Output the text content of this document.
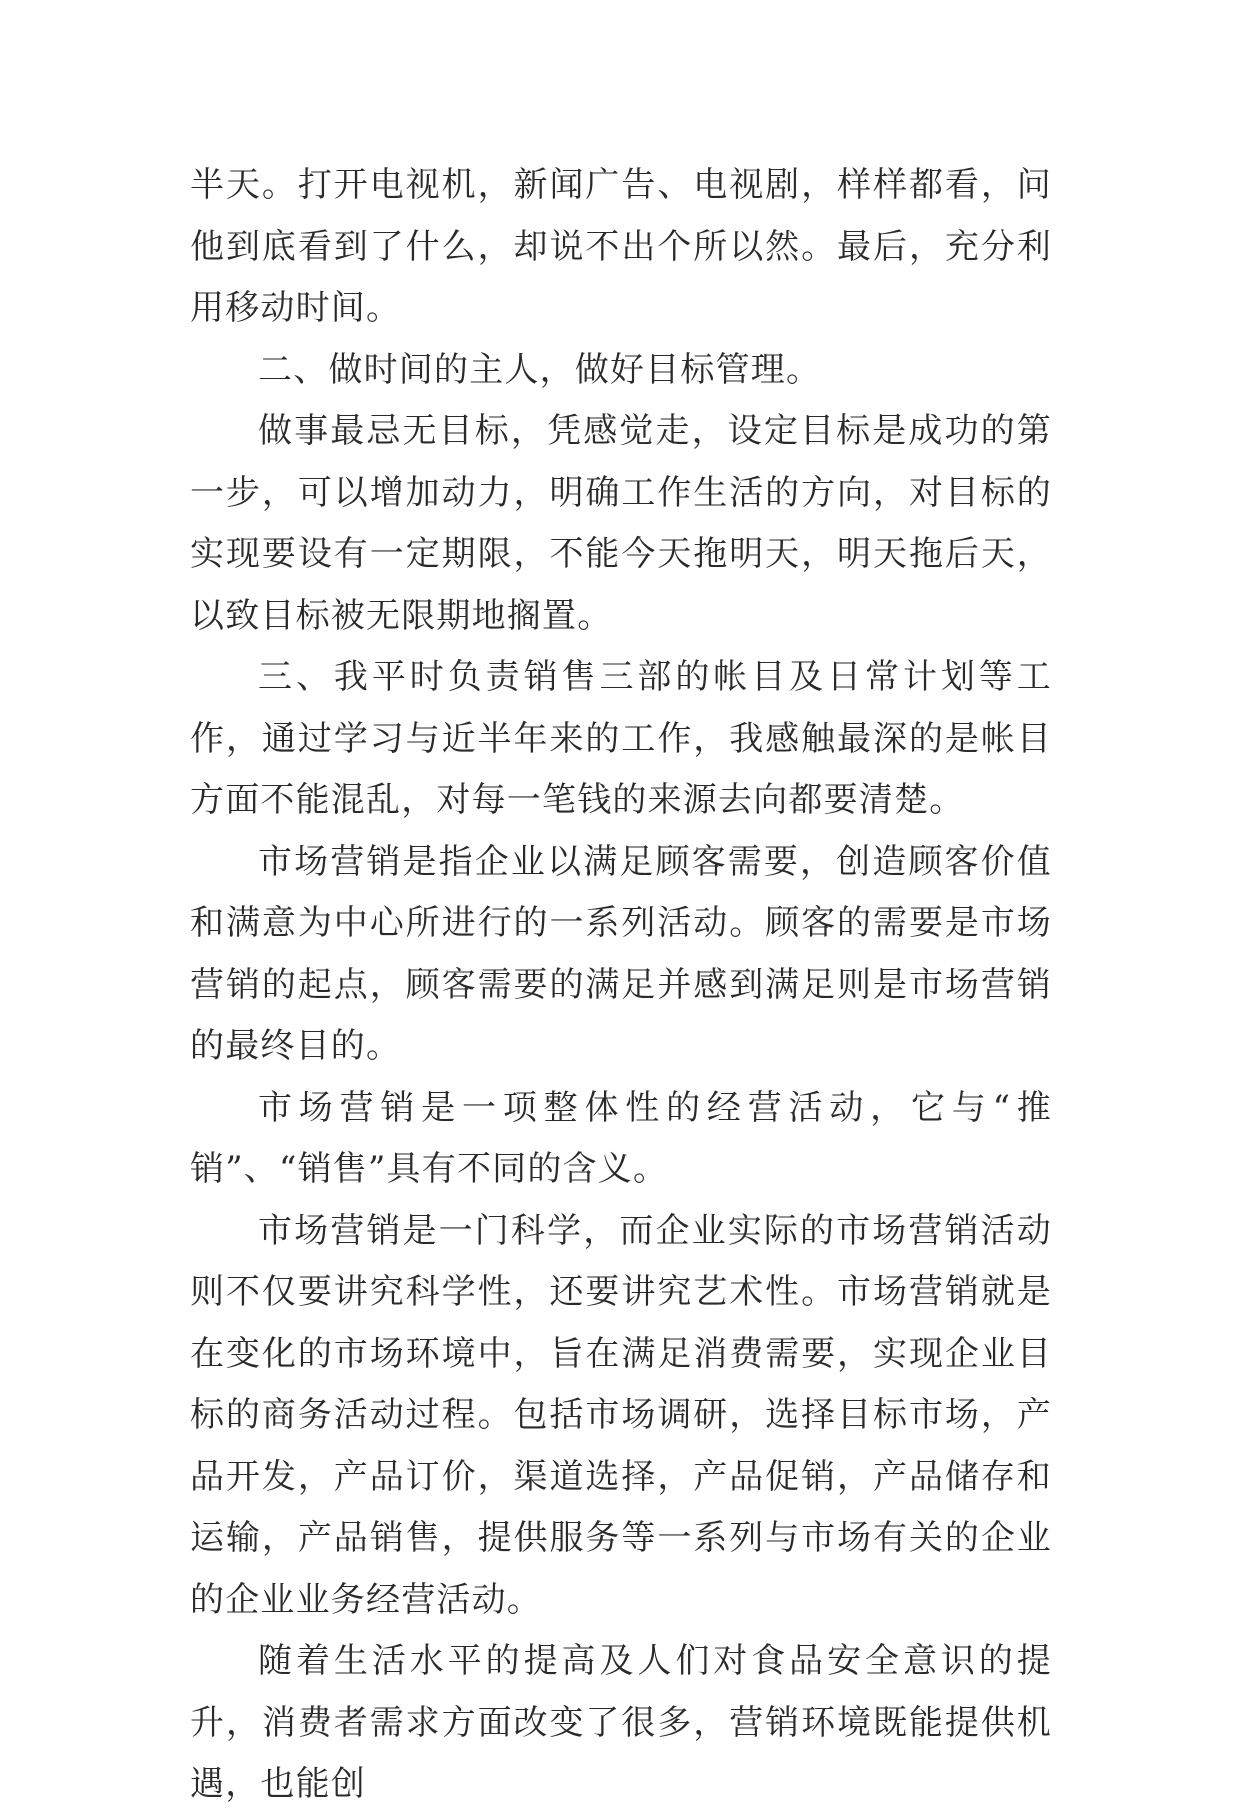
半天。打开电视机，新闻广告、电视剧，样样都看，问他到底看到了什么，却说不出个所以然。最后，充分利用移动时间。

二、做时间的主人，做好目标管理。

做事最忌无目标，凭感觉走，设定目标是成功的第一步，可以增加动力，明确工作生活的方向，对目标的实现要设有一定期限，不能今天拖明天，明天拖后天，以致目标被无限期地搁置。

三、我平时负责销售三部的帐目及日常计划等工作，通过学习与近半年来的工作，我感触最深的是帐目方面不能混乱，对每一笔钱的来源去向都要清楚。

市场营销是指企业以满足顾客需要，创造顾客价值和满意为中心所进行的一系列活动。顾客的需要是市场营销的起点，顾客需要的满足并感到满足则是市场营销的最终目的。

市场营销是一项整体性的经营活动，它与“推销”、“销售”具有不同的含义。

市场营销是一门科学，而企业实际的市场营销活动则不仅要讲究科学性，还要讲究艺术性。市场营销就是在变化的市场环境中，旨在满足消费需要，实现企业目标的商务活动过程。包括市场调研，选择目标市场，产品开发，产品订价，渠道选择，产品促销，产品储存和运输，产品销售，提供服务等一系列与市场有关的企业的企业业务经营活动。

随着生活水平的提高及人们对食品安全意识的提升，消费者需求方面改变了很多，营销环境既能提供机遇，也能创
